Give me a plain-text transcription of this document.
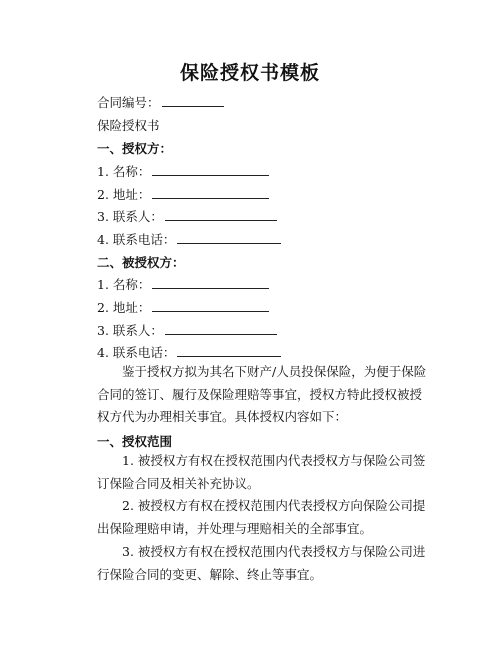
保险授权书模板
合同编号：
保险授权书
一、授权方：
1. 名称：
2. 地址：
3. 联系人：
4. 联系电话：
二、被授权方：
1. 名称：
2. 地址：
3. 联系人：
4. 联系电话：
鉴于授权方拟为其名下财产/人员投保保险，为便于保险合同的签订、履行及保险理赔等事宜，授权方特此授权被授权方代为办理相关事宜。具体授权内容如下：
一、授权范围
1. 被授权方有权在授权范围内代表授权方与保险公司签订保险合同及相关补充协议。
2. 被授权方有权在授权范围内代表授权方向保险公司提出保险理赔申请，并处理与理赔相关的全部事宜。
3. 被授权方有权在授权范围内代表授权方与保险公司进行保险合同的变更、解除、终止等事宜。
